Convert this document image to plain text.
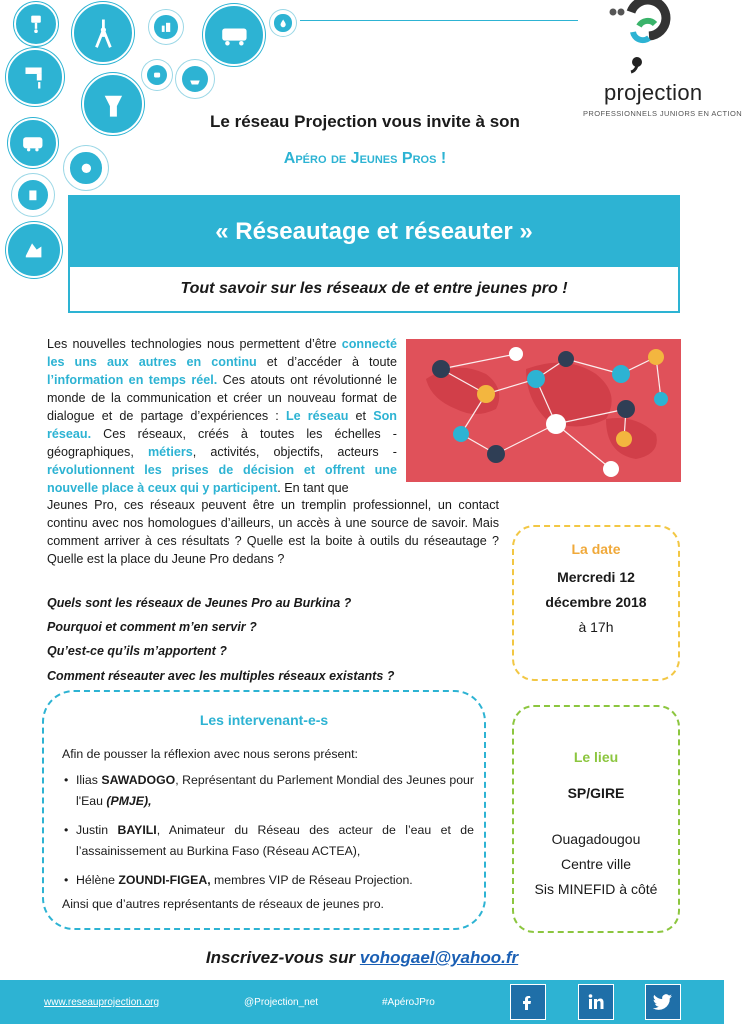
projection
PROFESSIONNELS JUNIORS EN ACTION
Le réseau Projection vous invite à son
Apéro de Jeunes Pros !
« Réseautage et réseauter »
Tout savoir sur les réseaux de et entre jeunes pro !
Les nouvelles technologies nous permettent d’être connecté les uns aux autres en continu et d’accéder à toute l’information en temps réel. Ces atouts ont révolutionné le monde de la communication et créer un nouveau format de dialogue et de partage d’expériences : Le réseau et Son réseau. Ces réseaux, créés à toutes les échelles - géographiques, métiers, activités, objectifs, acteurs - révolutionnent les prises de décision et offrent une nouvelle place à ceux qui y participent. En tant que
Jeunes Pro, ces réseaux peuvent être un tremplin professionnel, un contact continu avec nos homologues d’ailleurs, un accès à une source de savoir. Mais comment arriver à ces résultats ? Quelle est la boite à outils du réseautage ? Quelle est la place du Jeune Pro dedans ?
Quels sont les réseaux de Jeunes Pro au Burkina ?
Pourquoi et comment m’en servir ?
Qu’est-ce qu’ils m’apportent ?
Comment réseauter avec les multiples réseaux existants ?
La date
Mercredi 12
décembre 2018
à 17h
Le lieu
SP/GIRE
Ouagadougou
Centre ville
Sis MINEFID à côté
Les intervenant-e-s
Afin de pousser la réflexion avec nous serons présent:
• Ilias SAWADOGO, Représentant du Parlement Mondial des Jeunes pour l'Eau (PMJE),
• Justin BAYILI, Animateur du Réseau des acteur de l’eau et de l’assainissement au Burkina Faso (Réseau ACTEA),
• Hélène ZOUNDI-FIGEA, membres VIP de Réseau Projection.
Ainsi que d’autres représentants de réseaux de jeunes pro.
Inscrivez-vous sur vohogael@yahoo.fr
www.reseauprojection.org	@Projection_net	#ApéroJPro
